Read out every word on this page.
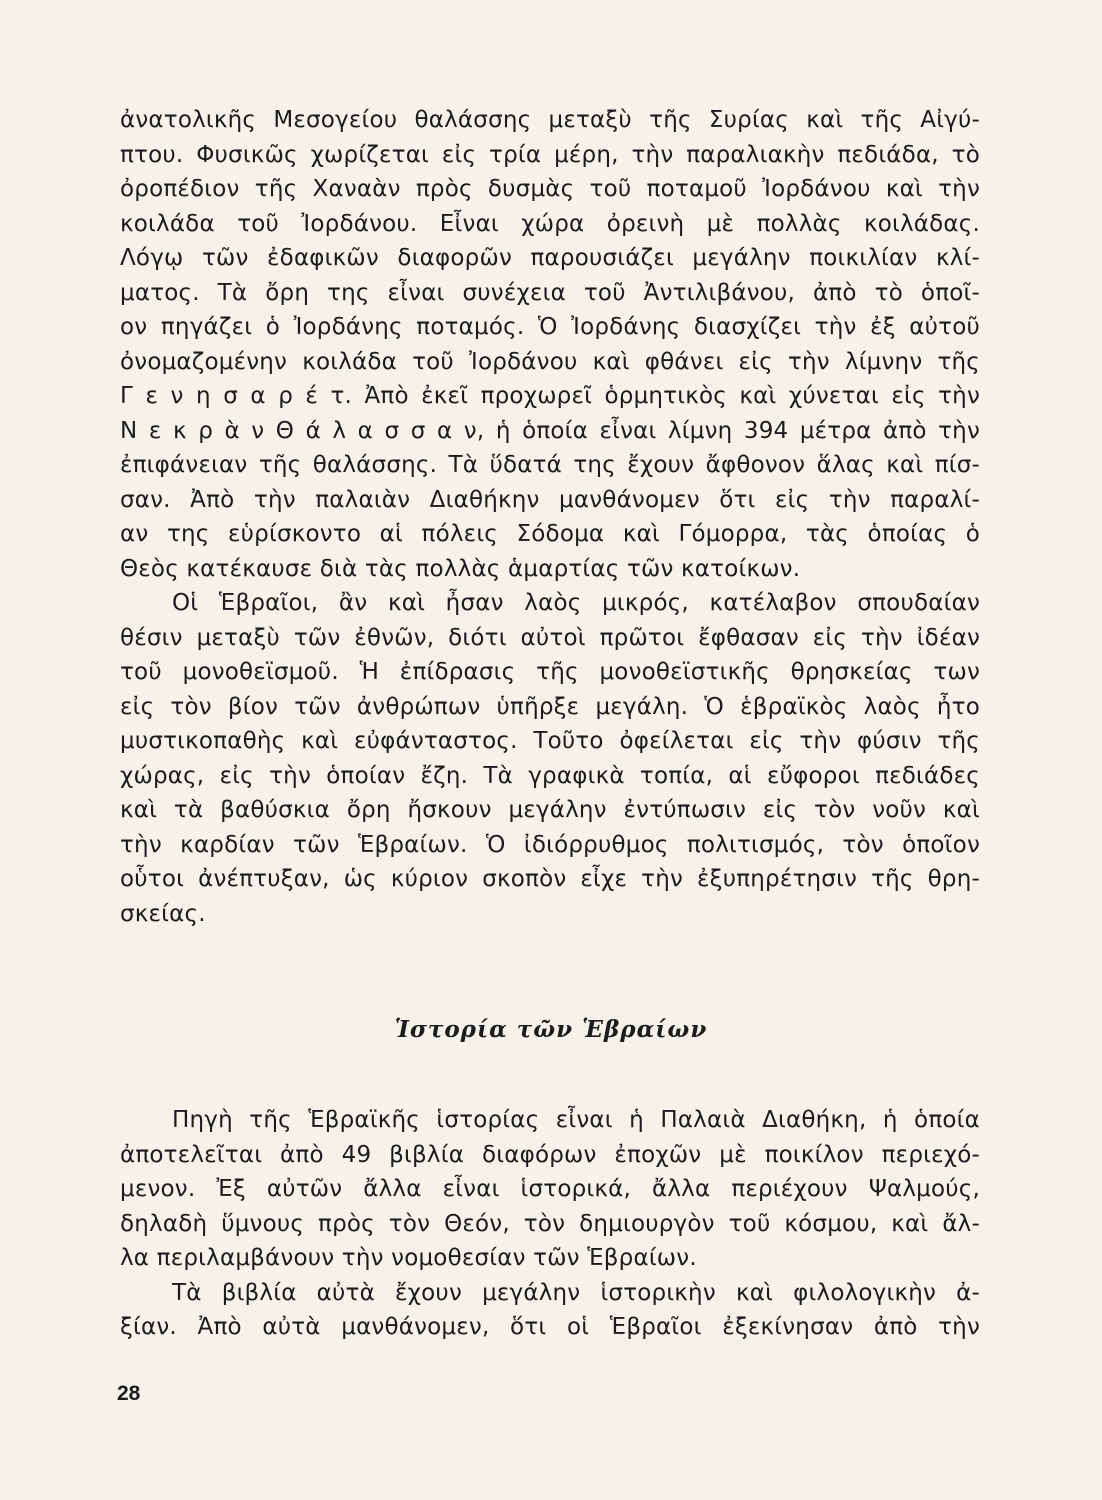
ἀνατολικῆς Μεσογείου θαλάσσης μεταξὺ τῆς Συρίας καὶ τῆς Αἰγύ-
πτου. Φυσικῶς χωρίζεται εἰς τρία μέρη, τὴν παραλιακὴν πεδιάδα, τὸ
ὀροπέδιον τῆς Χαναὰν πρὸς δυσμὰς τοῦ ποταμοῦ Ἰορδάνου καὶ τὴν
κοιλάδα τοῦ Ἰορδάνου. Εἶναι χώρα ὀρεινὴ μὲ πολλὰς κοιλάδας.
Λόγῳ τῶν ἐδαφικῶν διαφορῶν παρουσιάζει μεγάλην ποικιλίαν κλί-
ματος. Τὰ ὄρη της εἶναι συνέχεια τοῦ Ἀντιλιβάνου, ἀπὸ τὸ ὁποῖ-
ον πηγάζει ὁ Ἰορδάνης ποταμός. Ὁ Ἰορδάνης διασχίζει τὴν ἐξ αὐτοῦ
ὀνομαζομένην κοιλάδα τοῦ Ἰορδάνου καὶ φθάνει εἰς τὴν λίμνην τῆς
Γ ε ν η σ α ρ έ τ. Ἀπὸ ἐκεῖ προχωρεῖ ὁρμητικὸς καὶ χύνεται εἰς τὴν
Ν ε κ ρ ὰ ν Θ ά λ α σ σ α ν, ἡ ὁποία εἶναι λίμνη 394 μέτρα ἀπὸ τὴν
ἐπιφάνειαν τῆς θαλάσσης. Τὰ ὕδατά της ἔχουν ἄφθονον ἅλας καὶ πίσ-
σαν. Ἀπὸ τὴν παλαιὰν Διαθήκην μανθάνομεν ὅτι εἰς τὴν παραλί-
αν της εὑρίσκοντο αἱ πόλεις Σόδομα καὶ Γόμορρα, τὰς ὁποίας ὁ
Θεὸς κατέκαυσε διὰ τὰς πολλὰς ἁμαρτίας τῶν κατοίκων.
Οἱ Ἑβραῖοι, ἂν καὶ ἦσαν λαὸς μικρός, κατέλαβον σπουδαίαν
θέσιν μεταξὺ τῶν ἐθνῶν, διότι αὐτοὶ πρῶτοι ἔφθασαν εἰς τὴν ἰδέαν
τοῦ μονοθεϊσμοῦ. Ἡ ἐπίδρασις τῆς μονοθεϊστικῆς θρησκείας των
εἰς τὸν βίον τῶν ἀνθρώπων ὑπῆρξε μεγάλη. Ὁ ἑβραϊκὸς λαὸς ἦτο
μυστικοπαθὴς καὶ εὐφάνταστος. Τοῦτο ὀφείλεται εἰς τὴν φύσιν τῆς
χώρας, εἰς τὴν ὁποίαν ἔζη. Τὰ γραφικὰ τοπία, αἱ εὔφοροι πεδιάδες
καὶ τὰ βαθύσκια ὄρη ἤσκουν μεγάλην ἐντύπωσιν εἰς τὸν νοῦν καὶ
τὴν καρδίαν τῶν Ἑβραίων. Ὁ ἰδιόρρυθμος πολιτισμός, τὸν ὁποῖον
οὗτοι ἀνέπτυξαν, ὡς κύριον σκοπὸν εἶχε τὴν ἐξυπηρέτησιν τῆς θρη-
σκείας.
Ἱστορία τῶν Ἑβραίων
Πηγὴ τῆς Ἑβραϊκῆς ἱστορίας εἶναι ἡ Παλαιὰ Διαθήκη, ἡ ὁποία
ἀποτελεῖται ἀπὸ 49 βιβλία διαφόρων ἐποχῶν μὲ ποικίλον περιεχό-
μενον. Ἐξ αὐτῶν ἄλλα εἶναι ἱστορικά, ἄλλα περιέχουν Ψαλμούς,
δηλαδὴ ὕμνους πρὸς τὸν Θεόν, τὸν δημιουργὸν τοῦ κόσμου, καὶ ἄλ-
λα περιλαμβάνουν τὴν νομοθεσίαν τῶν Ἑβραίων.
Τὰ βιβλία αὐτὰ ἔχουν μεγάλην ἱστορικὴν καὶ φιλολογικὴν ἀ-
ξίαν. Ἀπὸ αὐτὰ μανθάνομεν, ὅτι οἱ Ἑβραῖοι ἐξεκίνησαν ἀπὸ τὴν
28
